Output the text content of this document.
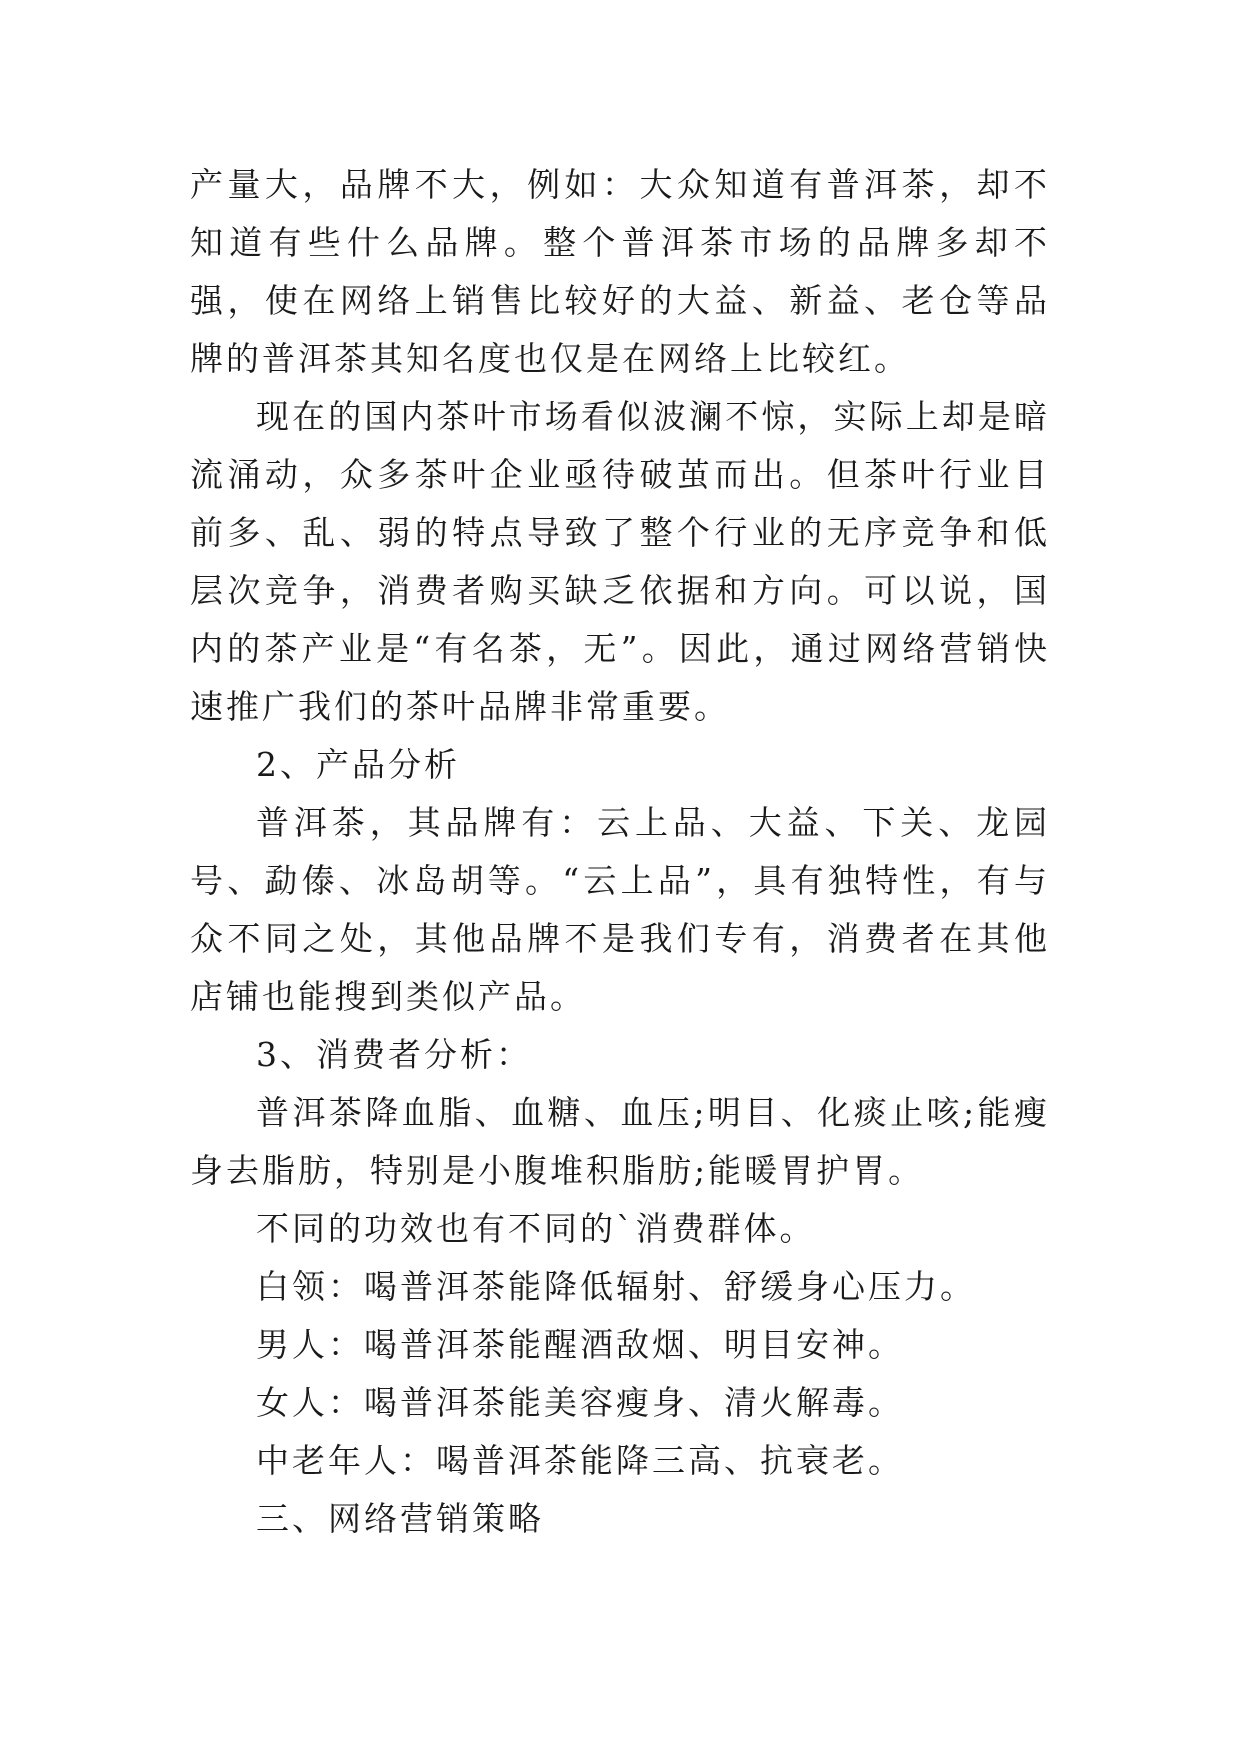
产量大，品牌不大，例如：大众知道有普洱茶，却不知道有些什么品牌。整个普洱茶市场的品牌多却不强，使在网络上销售比较好的大益、新益、老仓等品牌的普洱茶其知名度也仅是在网络上比较红。

现在的国内茶叶市场看似波澜不惊，实际上却是暗流涌动，众多茶叶企业亟待破茧而出。但茶叶行业目前多、乱、弱的特点导致了整个行业的无序竞争和低层次竞争，消费者购买缺乏依据和方向。可以说，国内的茶产业是“有名茶，无”。因此，通过网络营销快速推广我们的茶叶品牌非常重要。

2、产品分析

普洱茶，其品牌有：云上品、大益、下关、龙园号、勐傣、冰岛胡等。“云上品”，具有独特性，有与众不同之处，其他品牌不是我们专有，消费者在其他店铺也能搜到类似产品。

3、消费者分析：

普洱茶降血脂、血糖、血压;明目、化痰止咳;能瘦身去脂肪，特别是小腹堆积脂肪;能暖胃护胃。

不同的功效也有不同的`消费群体。

白领：喝普洱茶能降低辐射、舒缓身心压力。

男人：喝普洱茶能醒酒敌烟、明目安神。

女人：喝普洱茶能美容瘦身、清火解毒。

中老年人：喝普洱茶能降三高、抗衰老。

三、网络营销策略
